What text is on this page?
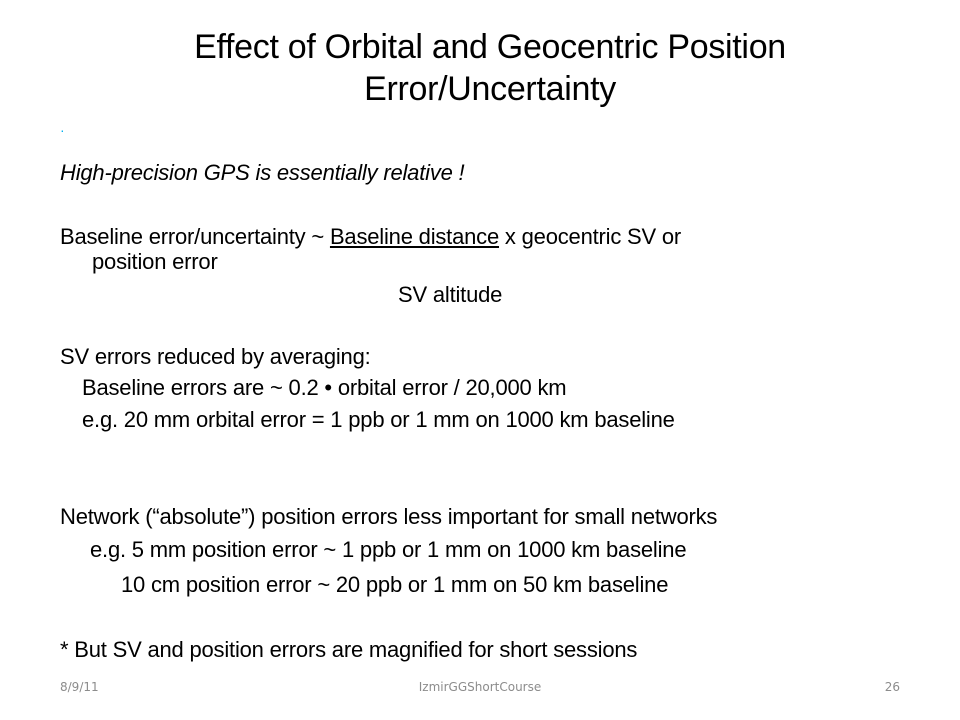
Effect of Orbital and Geocentric Position
Error/Uncertainty
·
High-precision GPS is essentially relative !
Baseline error/uncertainty ~ Baseline distance x geocentric SV or
position error
SV altitude
SV errors reduced by averaging:
Baseline errors are ~ 0.2 • orbital error / 20,000 km
e.g. 20 mm orbital error = 1 ppb or 1 mm on 1000 km baseline
Network (“absolute”) position errors less important for small networks
e.g. 5 mm position error ~ 1 ppb or 1 mm on 1000 km baseline
10 cm position error ~ 20 ppb or 1 mm on 50 km baseline
* But SV and position errors are magnified for short sessions
8/9/11	IzmirGGShortCourse	26
